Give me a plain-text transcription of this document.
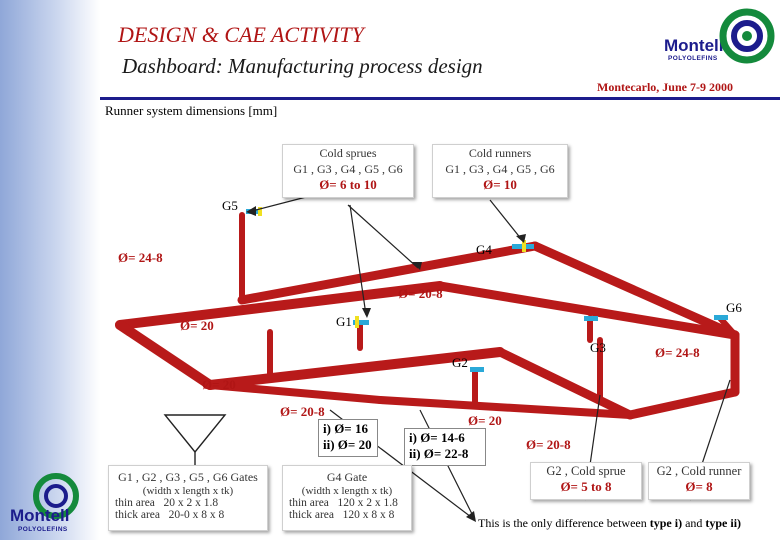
DESIGN & CAE ACTIVITY
Dashboard: Manufacturing process design
Montell
POLYOLEFINS
Montecarlo, June 7-9 2000
Runner system dimensions [mm]
Cold sprues
G1 , G3 , G4 , G5 , G6
Ø= 6 to 10
Cold runners
G1 , G3 , G4 , G5 , G6
Ø= 10
G5
G4
G1
G3
G2
G6
Ø= 24-8
Ø= 20-8
Ø= 20
Ø= 24-8
Ø= 20
Ø= 20-8
i) Ø= 16
ii) Ø= 20
Ø= 20
i) Ø= 14-6
ii) Ø= 22-8
Ø= 20-8
G1 , G2 , G3 , G5 , G6 Gates
(width x length x tk)
thin area 20 x 2 x 1.8
thick area 20-0 x 8 x 8
G4 Gate
(width x length x tk)
thin area 120 x 2 x 1.8
thick area 120 x 8 x 8
G2 , Cold sprue
Ø= 5 to 8
G2 , Cold runner
Ø= 8
This is the only difference between type i) and type ii)
Montell
POLYOLEFINS
